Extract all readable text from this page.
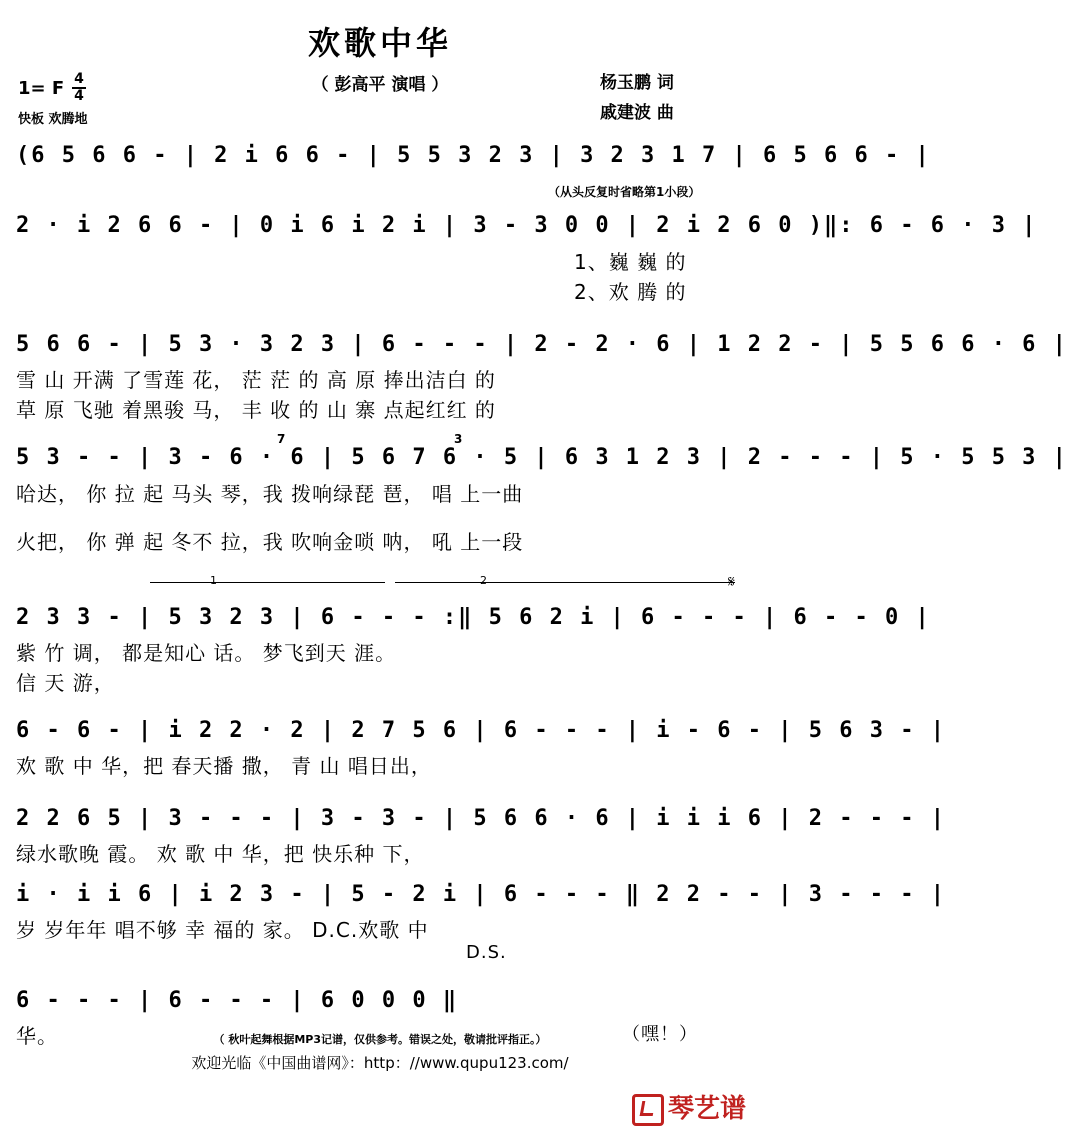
欢歌中华
（ 彭高平 演唱 ）
1= F 4
4
快板 欢腾地
杨玉鹏 词
戚建波 曲
(6 5 6 6 - | 2 i 6 6 - | 5 5 3 2 3 | 3 2 3 1 7 | 6 5 6 6 - |
（从头反复时省略第1小段）
2 · i 2 6 6 - | 0 i 6 i 2 i | 3 - 3 0 0 | 2 i 2 6 0 )‖: 6 - 6 · 3 |
1、巍 巍 的
2、欢 腾 的
5 6 6 - | 5 3 · 3 2 3 | 6 - - - | 2 - 2 · 6 | 1 2 2 - | 5 5 6 6 · 6 |
雪 山 开满 了雪莲 花， 茫 茫 的 高 原 捧出洁白 的
草 原 飞驰 着黑骏 马， 丰 收 的 山 寨 点起红红 的
7	3
5 3 - - | 3 - 6 · 6 | 5 6 7 6 · 5 | 6 3 1 2 3 | 2 - - - | 5 · 5 5 3 |
哈达， 你 拉 起 马头 琴，我 拨响绿琵 琶， 唱 上一曲
火把， 你 弹 起 冬不 拉，我 吹响金唢 呐， 吼 上一段
1	2	𝄋
2 3 3 - | 5 3 2 3 | 6 - - - :‖ 5 6 2 i | 6 - - - | 6 - - 0 |
紫 竹 调， 都是知心 话。 梦飞到天 涯。
信 天 游，
6 - 6 - | i 2 2 · 2 | 2 7 5 6 | 6 - - - | i - 6 - | 5 6 3 - |
欢 歌 中 华，把 春天播 撒， 青 山 唱日出，
2 2 6 5 | 3 - - - | 3 - 3 - | 5 6 6 · 6 | i i i 6 | 2 - - - |
绿水歌晚 霞。 欢 歌 中 华，把 快乐种 下，
i · i i 6 | i 2 3 - | 5 - 2 i | 6 - - - ‖ 2 2 - - | 3 - - - |
岁 岁年年 唱不够 幸 福的 家。 D.C.欢歌 中
D.S.
6 - - - | 6 - - - | 6 0 0 0 ‖
华。	（嘿！）
（ 秋叶起舞根据MP3记谱，仅供参考。错误之处，敬请批评指正。）
欢迎光临《中国曲谱网》：http：//www.qupu123.com/
琴艺谱
